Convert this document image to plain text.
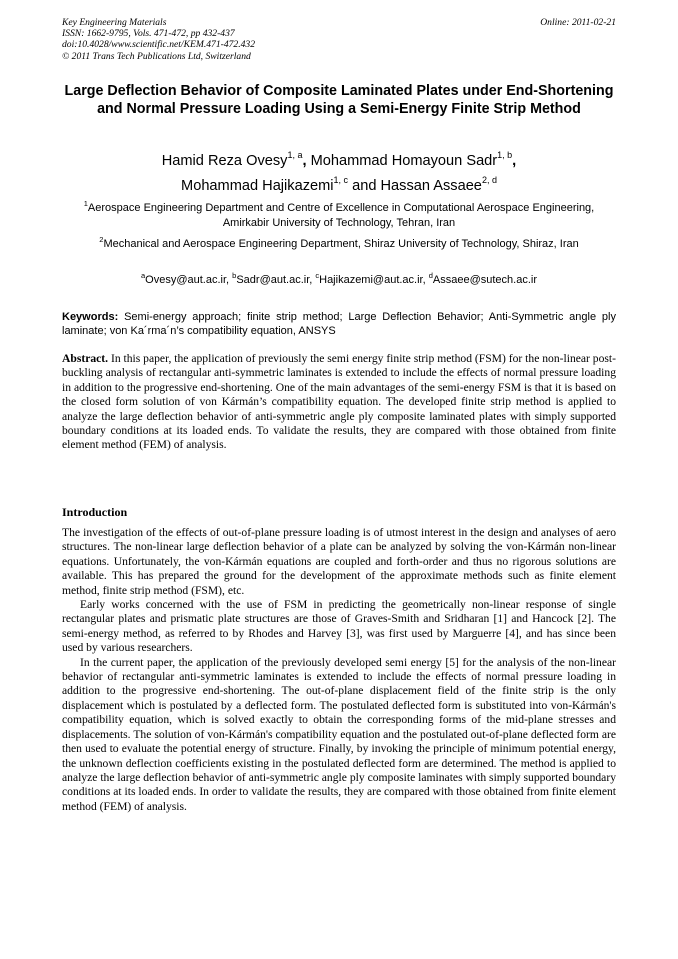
Key Engineering Materials
ISSN: 1662-9795, Vols. 471-472, pp 432-437
doi:10.4028/www.scientific.net/KEM.471-472.432
© 2011 Trans Tech Publications Ltd, Switzerland
Online: 2011-02-21
Large Deflection Behavior of Composite Laminated Plates under End-Shortening and Normal Pressure Loading Using a Semi-Energy Finite Strip Method
Hamid Reza Ovesy$^{1, a}$, Mohammad Homayoun Sadr$^{1, b}$,
Mohammad Hajikazemi$^{1, c}$ and Hassan Assaee$^{2, d}$
$^1$Aerospace Engineering Department and Centre of Excellence in Computational Aerospace Engineering, Amirkabir University of Technology, Tehran, Iran
$^2$Mechanical and Aerospace Engineering Department, Shiraz University of Technology, Shiraz, Iran
$^a$Ovesy@aut.ac.ir, $^b$Sadr@aut.ac.ir, $^c$Hajikazemi@aut.ac.ir, $^d$Assaee@sutech.ac.ir
Keywords: Semi-energy approach; finite strip method; Large Deflection Behavior; Anti-Symmetric angle ply laminate; von Ka´rma´n’s compatibility equation, ANSYS
Abstract. In this paper, the application of previously the semi energy finite strip method (FSM) for the non-linear post-buckling analysis of rectangular anti-symmetric laminates is extended to include the effects of normal pressure loading in addition to the progressive end-shortening. One of the main advantages of the semi-energy FSM is that it is based on the closed form solution of von Kármán’s compatibility equation. The developed finite strip method is applied to analyze the large deflection behavior of anti-symmetric angle ply composite laminated plates with simply supported boundary conditions at its loaded ends. To validate the results, they are compared with those obtained from finite element method (FEM) of analysis.
Introduction

The investigation of the effects of out-of-plane pressure loading is of utmost interest in the design and analyses of aero structures. The non-linear large deflection behavior of a plate can be analyzed by solving the von-Kármán non-linear equations. Unfortunately, the von-Kármán equations are coupled and forth-order and thus no rigorous solutions are available. This has prepared the ground for the development of the approximate methods such as finite element method, finite strip method (FSM), etc.

Early works concerned with the use of FSM in predicting the geometrically non-linear response of single rectangular plates and prismatic plate structures are those of Graves-Smith and Sridharan [1] and Hancock [2]. The semi-energy method, as referred to by Rhodes and Harvey [3], was first used by Marguerre [4], and has since been used by various researchers.

In the current paper, the application of the previously developed semi energy [5] for the analysis of the non-linear behavior of rectangular anti-symmetric laminates is extended to include the effects of normal pressure loading in addition to the progressive end-shortening. The out-of-plane displacement field of the finite strip is the only displacement which is postulated by a deflected form. The postulated deflected form is substituted into von-Kármán's compatibility equation, which is solved exactly to obtain the corresponding forms of the mid-plane stresses and displacements. The solution of von-Kármán's compatibility equation and the postulated out-of-plane deflected form are then used to evaluate the potential energy of structure. Finally, by invoking the principle of minimum potential energy, the unknown deflection coefficients existing in the postulated deflected form are determined. The method is applied to analyze the large deflection behavior of anti-symmetric angle ply composite laminates with simply supported boundary conditions at its loaded ends. In order to validate the results, they are compared with those obtained from finite element method (FEM) of analysis.
